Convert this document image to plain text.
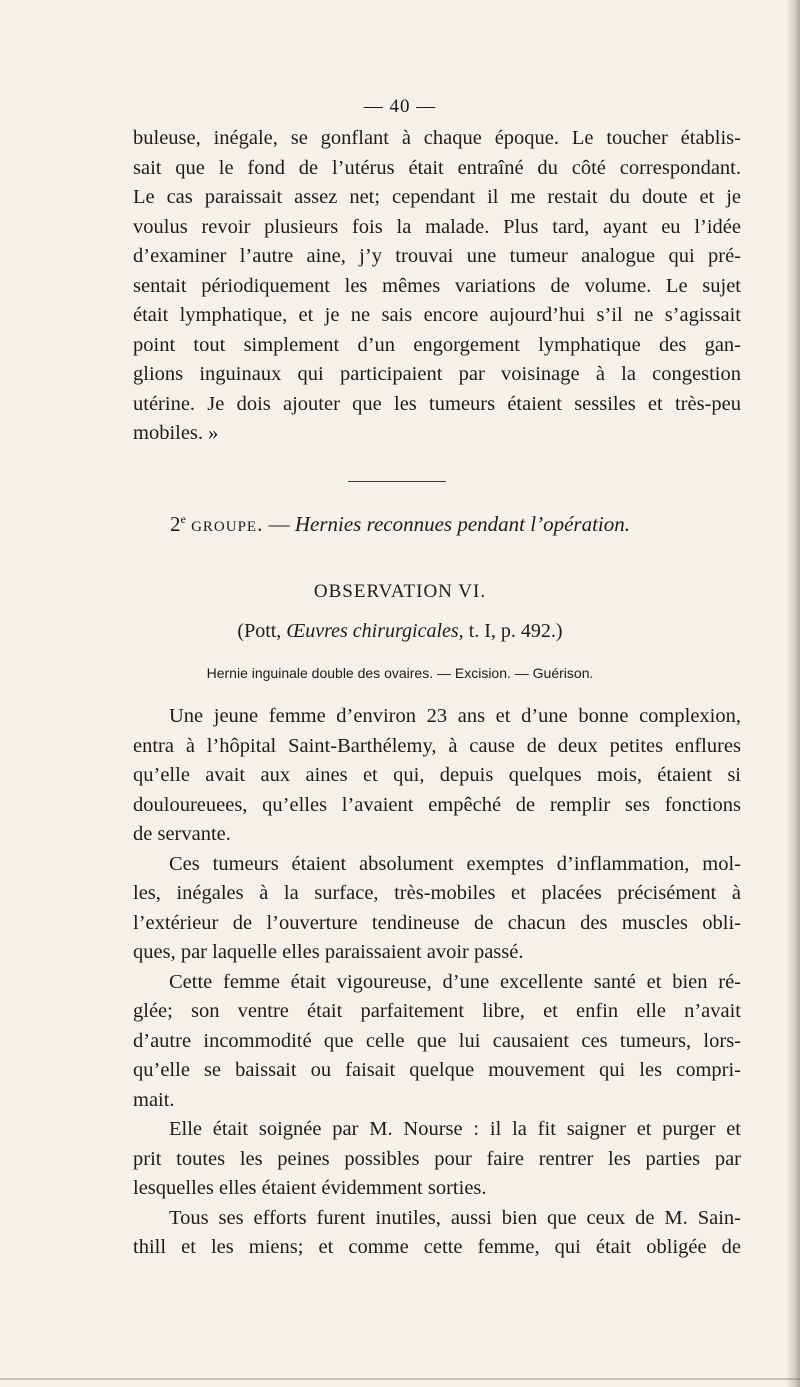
— 40 —
buleuse, inégale, se gonflant à chaque époque. Le toucher établis-
sait que le fond de l’utérus était entraîné du côté correspondant.
Le cas paraissait assez net; cependant il me restait du doute et je
voulus revoir plusieurs fois la malade. Plus tard, ayant eu l’idée
d’examiner l’autre aine, j’y trouvai une tumeur analogue qui pré-
sentait périodiquement les mêmes variations de volume. Le sujet
était lymphatique, et je ne sais encore aujourd’hui s’il ne s’agissait
point tout simplement d’un engorgement lymphatique des gan-
glions inguinaux qui participaient par voisinage à la congestion
utérine. Je dois ajouter que les tumeurs étaient sessiles et très-peu
mobiles. »
2e groupe. — Hernies reconnues pendant l’opération.
OBSERVATION VI.
(Pott, Œuvres chirurgicales, t. I, p. 492.)
Hernie inguinale double des ovaires. — Excision. — Guérison.
Une jeune femme d’environ 23 ans et d’une bonne complexion,
entra à l’hôpital Saint-Barthélemy, à cause de deux petites enflures
qu’elle avait aux aines et qui, depuis quelques mois, étaient si
douloureuees, qu’elles l’avaient empêché de remplir ses fonctions
de servante.
Ces tumeurs étaient absolument exemptes d’inflammation, mol-
les, inégales à la surface, très-mobiles et placées précisément à
l’extérieur de l’ouverture tendineuse de chacun des muscles obli-
ques, par laquelle elles paraissaient avoir passé.
Cette femme était vigoureuse, d’une excellente santé et bien ré-
glée; son ventre était parfaitement libre, et enfin elle n’avait
d’autre incommodité que celle que lui causaient ces tumeurs, lors-
qu’elle se baissait ou faisait quelque mouvement qui les compri-
mait.
Elle était soignée par M. Nourse : il la fit saigner et purger et
prit toutes les peines possibles pour faire rentrer les parties par
lesquelles elles étaient évidemment sorties.
Tous ses efforts furent inutiles, aussi bien que ceux de M. Sain-
thill et les miens; et comme cette femme, qui était obligée de
